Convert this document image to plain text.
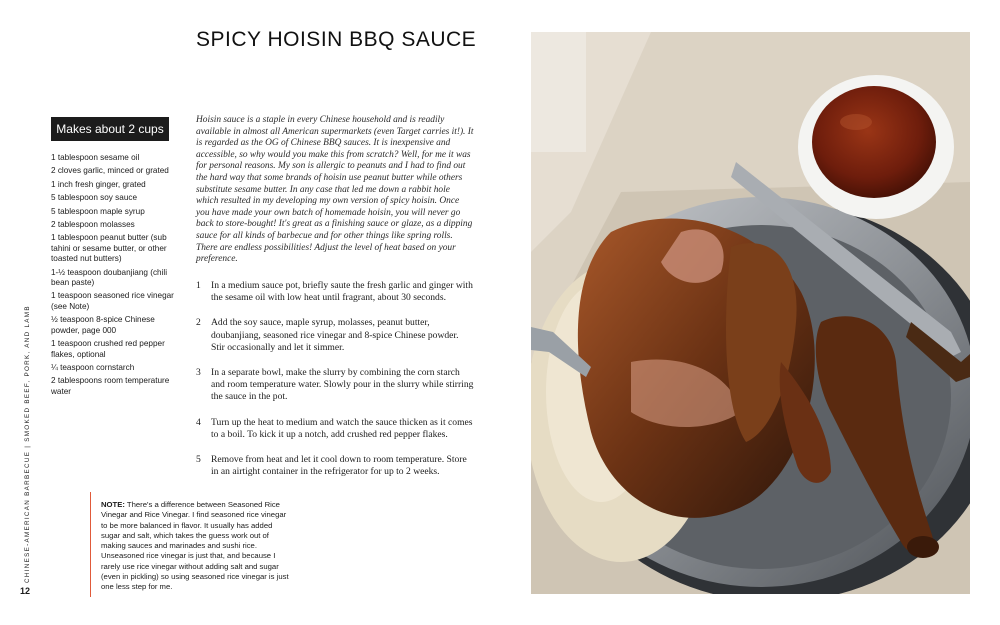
SPICY HOISIN BBQ SAUCE
Makes about 2 cups
1 tablespoon sesame oil
2 cloves garlic, minced or grated
1 inch fresh ginger, grated
5 tablespoon soy sauce
5 tablespoon maple syrup
2 tablespoon molasses
1 tablespoon peanut butter (sub tahini or sesame butter, or other toasted nut butters)
1-½ teaspoon doubanjiang (chili bean paste)
1 teaspoon seasoned rice vinegar (see Note)
½ teaspoon 8-spice Chinese powder, page 000
1 teaspoon crushed red pepper flakes, optional
¼ teaspoon cornstarch
2 tablespoons room temperature water

Hoisin sauce is a staple in every Chinese household and is readily available in almost all American supermarkets (even Target carries it!). It is regarded as the OG of Chinese BBQ sauces. It is inexpensive and accessible, so why would you make this from scratch? Well, for me it was for personal reasons. My son is allergic to peanuts and I had to find out the hard way that some brands of hoisin use peanut butter while others substitute sesame butter. In any case that led me down a rabbit hole which resulted in my developing my own version of spicy hoisin. Once you have made your own batch of homemade hoisin, you will never go back to store-bought! It's great as a finishing sauce or glaze, as a dipping sauce for all kinds of barbecue and for other things like spring rolls. There are endless possibilities! Adjust the level of heat based on your preference.

1	In a medium sauce pot, briefly saute the fresh garlic and ginger with the sesame oil with low heat until fragrant, about 30 seconds.
2	Add the soy sauce, maple syrup, molasses, peanut butter, doubanjiang, seasoned rice vinegar and 8-spice Chinese powder. Stir occasionally and let it simmer.
3	In a separate bowl, make the slurry by combining the corn starch and room temperature water. Slowly pour in the slurry while stirring the sauce in the pot.
4	Turn up the heat to medium and watch the sauce thicken as it comes to a boil. To kick it up a notch, add crushed red pepper flakes.
5	Remove from heat and let it cool down to room temperature. Store in an airtight container in the refrigerator for up to 2 weeks.

NOTE: There's a difference between Seasoned Rice Vinegar and Rice Vinegar. I find seasoned rice vinegar to be more balanced in flavor. It usually has added sugar and salt, which takes the guess work out of making sauces and marinades and sushi rice. Unseasoned rice vinegar is just that, and because I rarely use rice vinegar without adding salt and sugar (even in pickling) so using seasoned rice vinegar is just one less step for me.

CHINESE-AMERICAN BARBECUE | SMOKED BEEF, PORK, AND LAMB
12
